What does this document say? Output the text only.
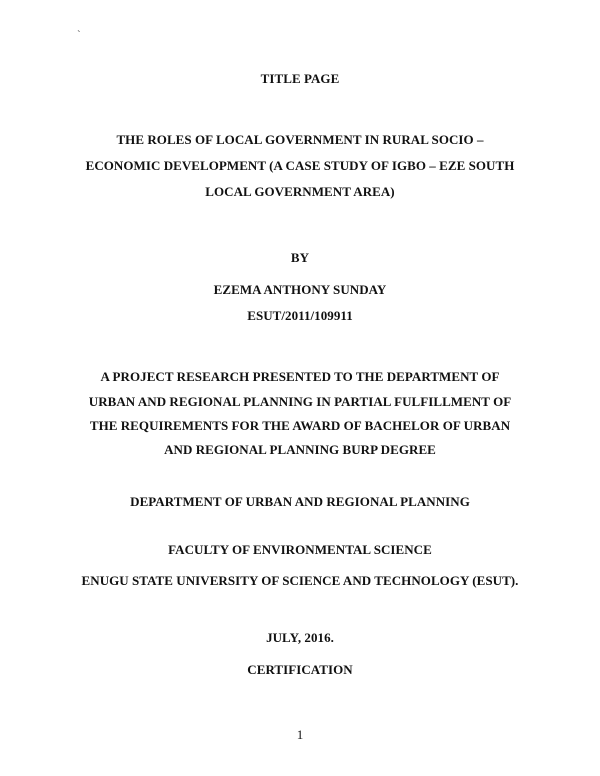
`
TITLE PAGE
THE ROLES OF LOCAL GOVERNMENT IN RURAL SOCIO –
ECONOMIC DEVELOPMENT (A CASE STUDY OF IGBO – EZE SOUTH
LOCAL GOVERNMENT AREA)
BY
EZEMA ANTHONY SUNDAY
ESUT/2011/109911
A PROJECT RESEARCH PRESENTED TO THE DEPARTMENT OF
URBAN AND REGIONAL PLANNING IN PARTIAL FULFILLMENT OF
THE REQUIREMENTS FOR THE AWARD OF BACHELOR OF URBAN
AND REGIONAL PLANNING BURP DEGREE
DEPARTMENT OF URBAN AND REGIONAL PLANNING
FACULTY OF ENVIRONMENTAL SCIENCE
ENUGU STATE UNIVERSITY OF SCIENCE AND TECHNOLOGY (ESUT).
JULY, 2016.
CERTIFICATION
1
